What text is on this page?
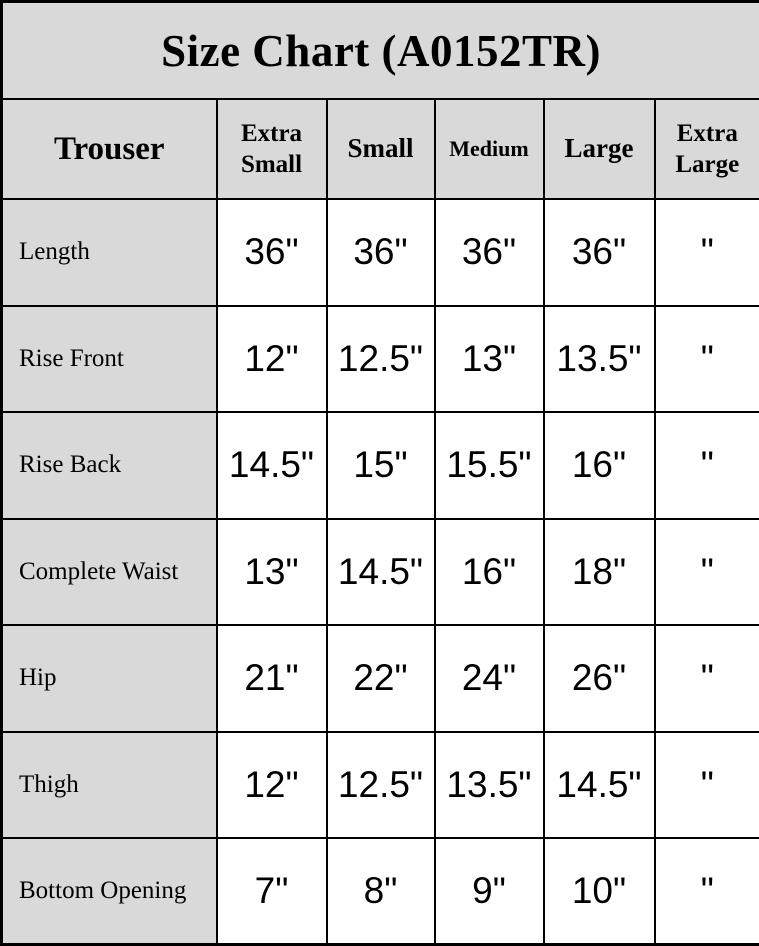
Size Chart (A0152TR)					
Trouser	Extra Small	Small	Medium	Large	Extra Large
Length	36"	36"	36"	36"	"
Rise Front	12"	12.5"	13"	13.5"	"
Rise Back	14.5"	15"	15.5"	16"	"
Complete Waist	13"	14.5"	16"	18"	"
Hip	21"	22"	24"	26"	"
Thigh	12"	12.5"	13.5"	14.5"	"
Bottom Opening	7"	8"	9"	10"	"
